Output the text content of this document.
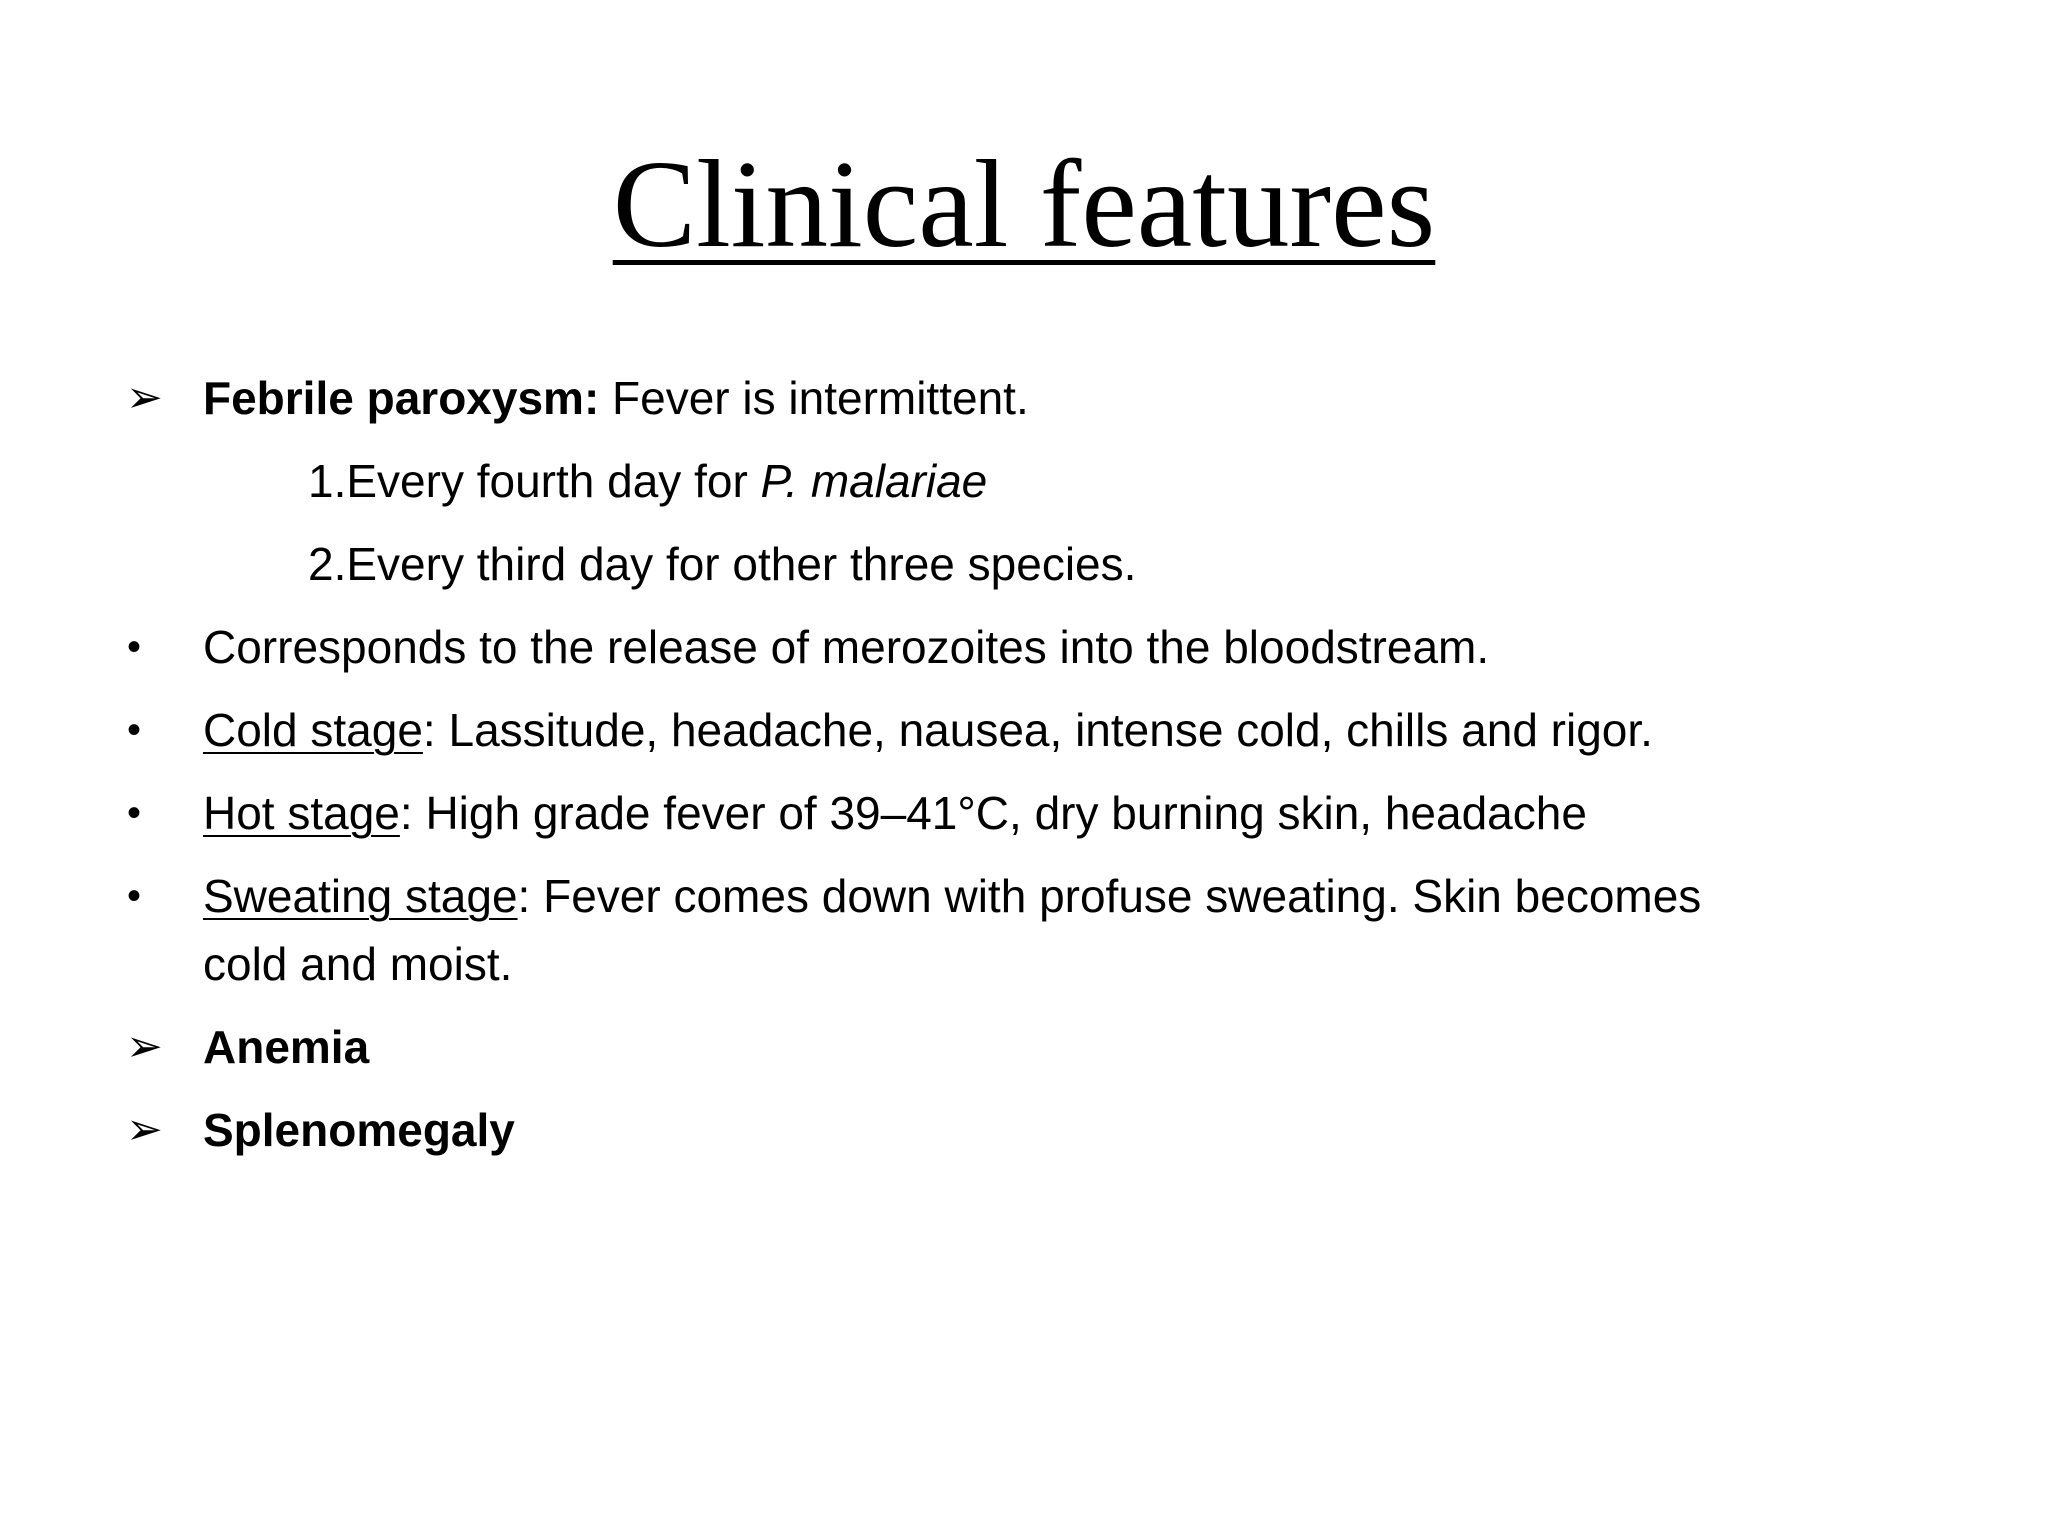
Clinical features
➢ Febrile paroxysm: Fever is intermittent.
1.Every fourth day for P. malariae
2.Every third day for other three species.
•	Corresponds to the release of merozoites into the bloodstream.
•	Cold stage: Lassitude, headache, nausea, intense cold, chills and rigor.
•	Hot stage: High grade fever of 39–41°C, dry burning skin, headache
•	Sweating stage: Fever comes down with profuse sweating. Skin becomes
cold and moist.
➢ Anemia
➢ Splenomegaly
